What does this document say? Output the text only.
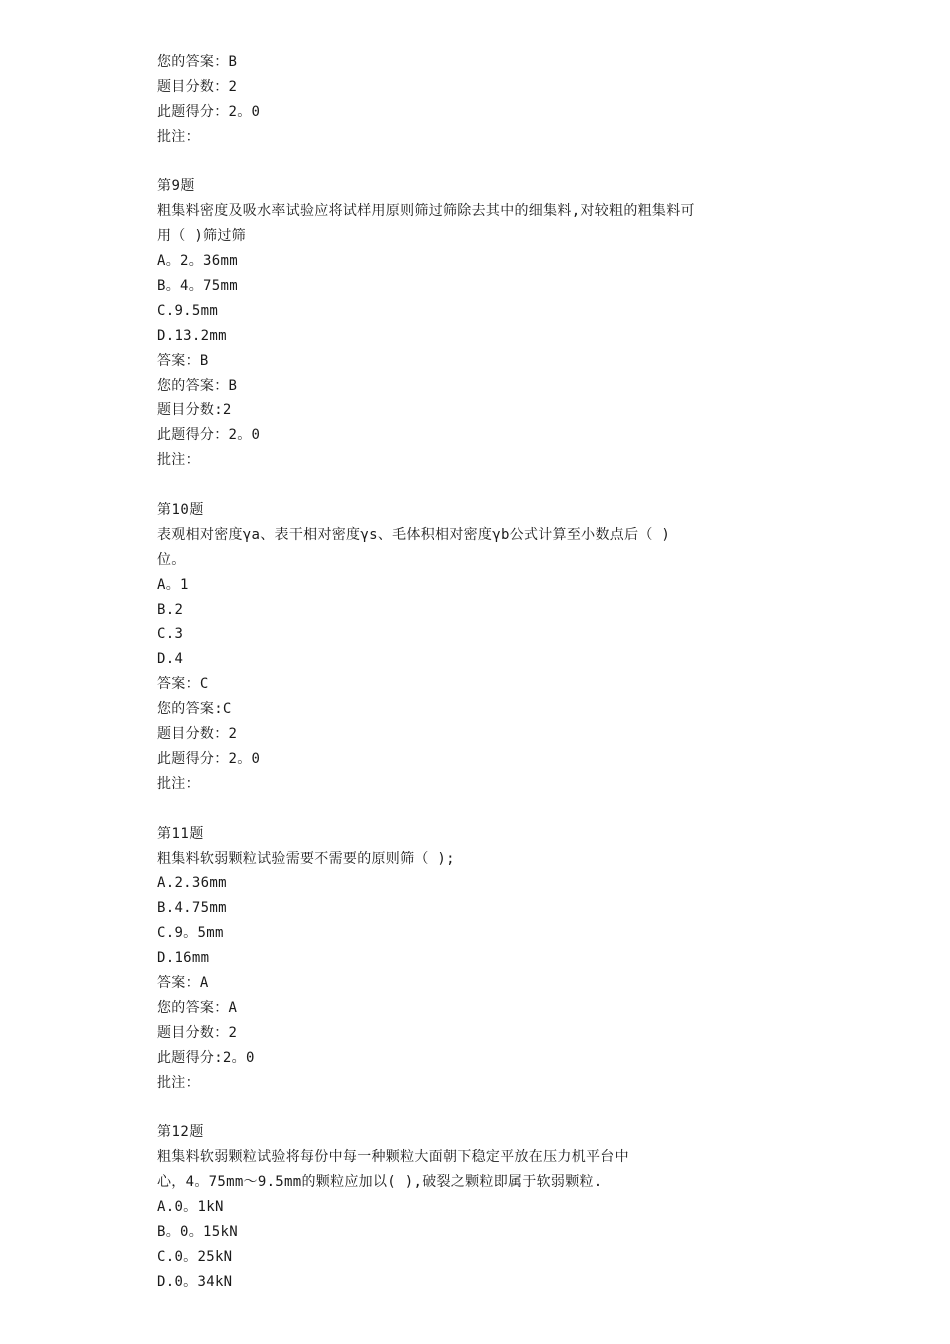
您的答案：B
题目分数：2
此题得分：2。0
批注：
第9题
粗集料密度及吸水率试验应将试样用原则筛过筛除去其中的细集料,对较粗的粗集料可
用（ )筛过筛
A。2。36mm
B。4。75mm
C.9.5mm
D.13.2mm
答案：B
您的答案：B
题目分数:2
此题得分：2。0
批注：
第10题
表观相对密度γa、表干相对密度γs、毛体积相对密度γb公式计算至小数点后（ )
位。
A。1
B.2
C.3
D.4
答案：C
您的答案:C
题目分数：2
此题得分：2。0
批注：
第11题
粗集料软弱颗粒试验需要不需要的原则筛（ );
A.2.36mm
B.4.75mm
C.9。5mm
D.16mm
答案：A
您的答案：A
题目分数：2
此题得分:2。0
批注：
第12题
粗集料软弱颗粒试验将每份中每一种颗粒大面朝下稳定平放在压力机平台中
心，4。75mm～9.5mm的颗粒应加以( ),破裂之颗粒即属于软弱颗粒.
A.0。1kN
B。0。15kN
C.0。25kN
D.0。34kN
